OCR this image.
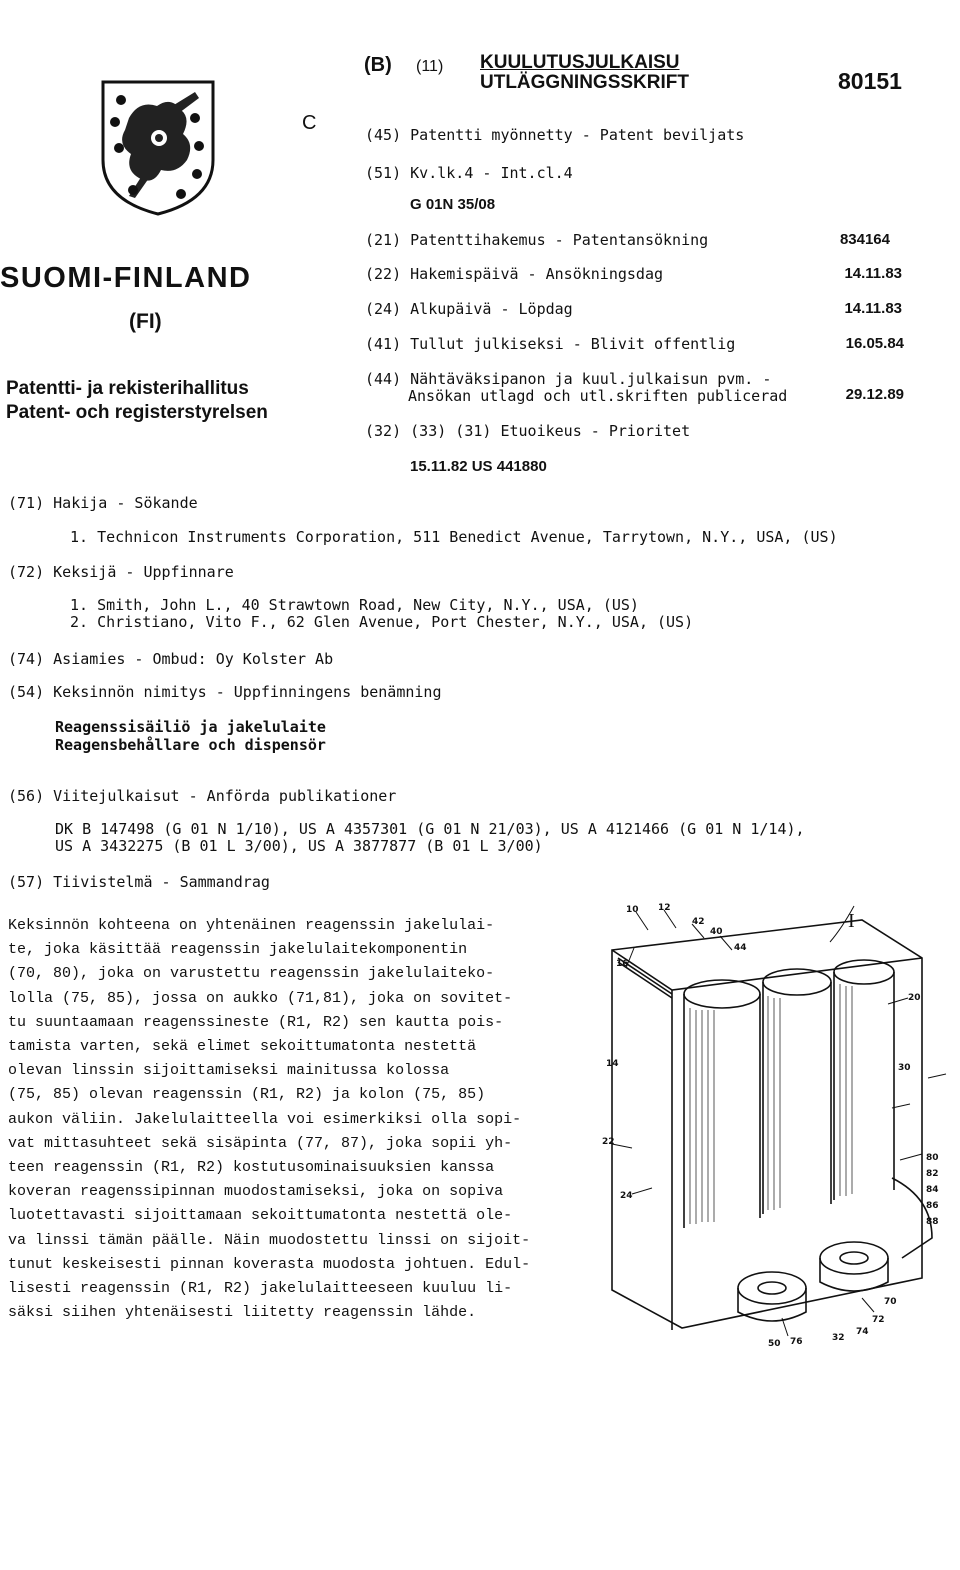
(B) (11) KUULUTUSJULKAISU
UTLÄGGNINGSSKRIFT	80151
C
SUOMI-FINLAND
(FI)
Patentti- ja rekisterihallitus
Patent- och registerstyrelsen
(45) Patentti myönnetty - Patent beviljats
(51) Kv.lk.4 - Int.cl.4
G 01N 35/08
(21) Patenttihakemus - Patentansökning	834164
(22) Hakemispäivä - Ansökningsdag	14.11.83
(24) Alkupäivä - Löpdag	14.11.83
(41) Tullut julkiseksi - Blivit offentlig	16.05.84
(44) Nähtäväksipanon ja kuul.julkaisun pvm. -
Ansökan utlagd och utl.skriften publicerad	29.12.89
(32) (33) (31) Etuoikeus - Prioritet
15.11.82 US 441880
(71) Hakija - Sökande
1. Technicon Instruments Corporation, 511 Benedict Avenue, Tarrytown, N.Y., USA, (US)
(72) Keksijä - Uppfinnare
1. Smith, John L., 40 Strawtown Road, New City, N.Y., USA, (US)
2. Christiano, Vito F., 62 Glen Avenue, Port Chester, N.Y., USA, (US)
(74) Asiamies - Ombud: Oy Kolster Ab
(54) Keksinnön nimitys - Uppfinningens benämning
Reagenssisäiliö ja jakelulaite
Reagensbehållare och dispensör
(56) Viitejulkaisut - Anförda publikationer
DK B 147498 (G 01 N 1/10), US A 4357301 (G 01 N 21/03), US A 4121466 (G 01 N 1/14),
US A 3432275 (B 01 L 3/00), US A 3877877 (B 01 L 3/00)
(57) Tiivistelmä - Sammandrag
Keksinnön kohteena on yhtenäinen reagenssin jakelulai-
te, joka käsittää reagenssin jakelulaitekomponentin
(70, 80), joka on varustettu reagenssin jakelulaiteko-
lolla (75, 85), jossa on aukko (71,81), joka on sovitet-
tu suuntaamaan reagenssineste (R1, R2) sen kautta pois-
tamista varten, sekä elimet sekoittumatonta nestettä
olevan linssin sijoittamiseksi mainitussa kolossa
(75, 85) olevan reagenssin (R1, R2) ja kolon (75, 85)
aukon väliin. Jakelulaitteella voi esimerkiksi olla sopi-
vat mittasuhteet sekä sisäpinta (77, 87), joka sopii yh-
teen reagenssin (R1, R2) kostutusominaisuuksien kanssa
koveran reagenssipinnan muodostamiseksi, joka on sopiva
luotettavasti sijoittamaan sekoittumatonta nestettä ole-
va linssi tämän päälle. Näin muodostettu linssi on sijoit-
tunut keskeisesti pinnan koverasta muodosta johtuen. Edul-
lisesti reagenssin (R1, R2) jakelulaitteeseen kuuluu li-
säksi siihen yhtenäisesti liitetty reagenssin lähde.
10 12
40
42
44
16
20
30
80
82
84
86
88
70
72
74
76
22
24
14
50
32
I
